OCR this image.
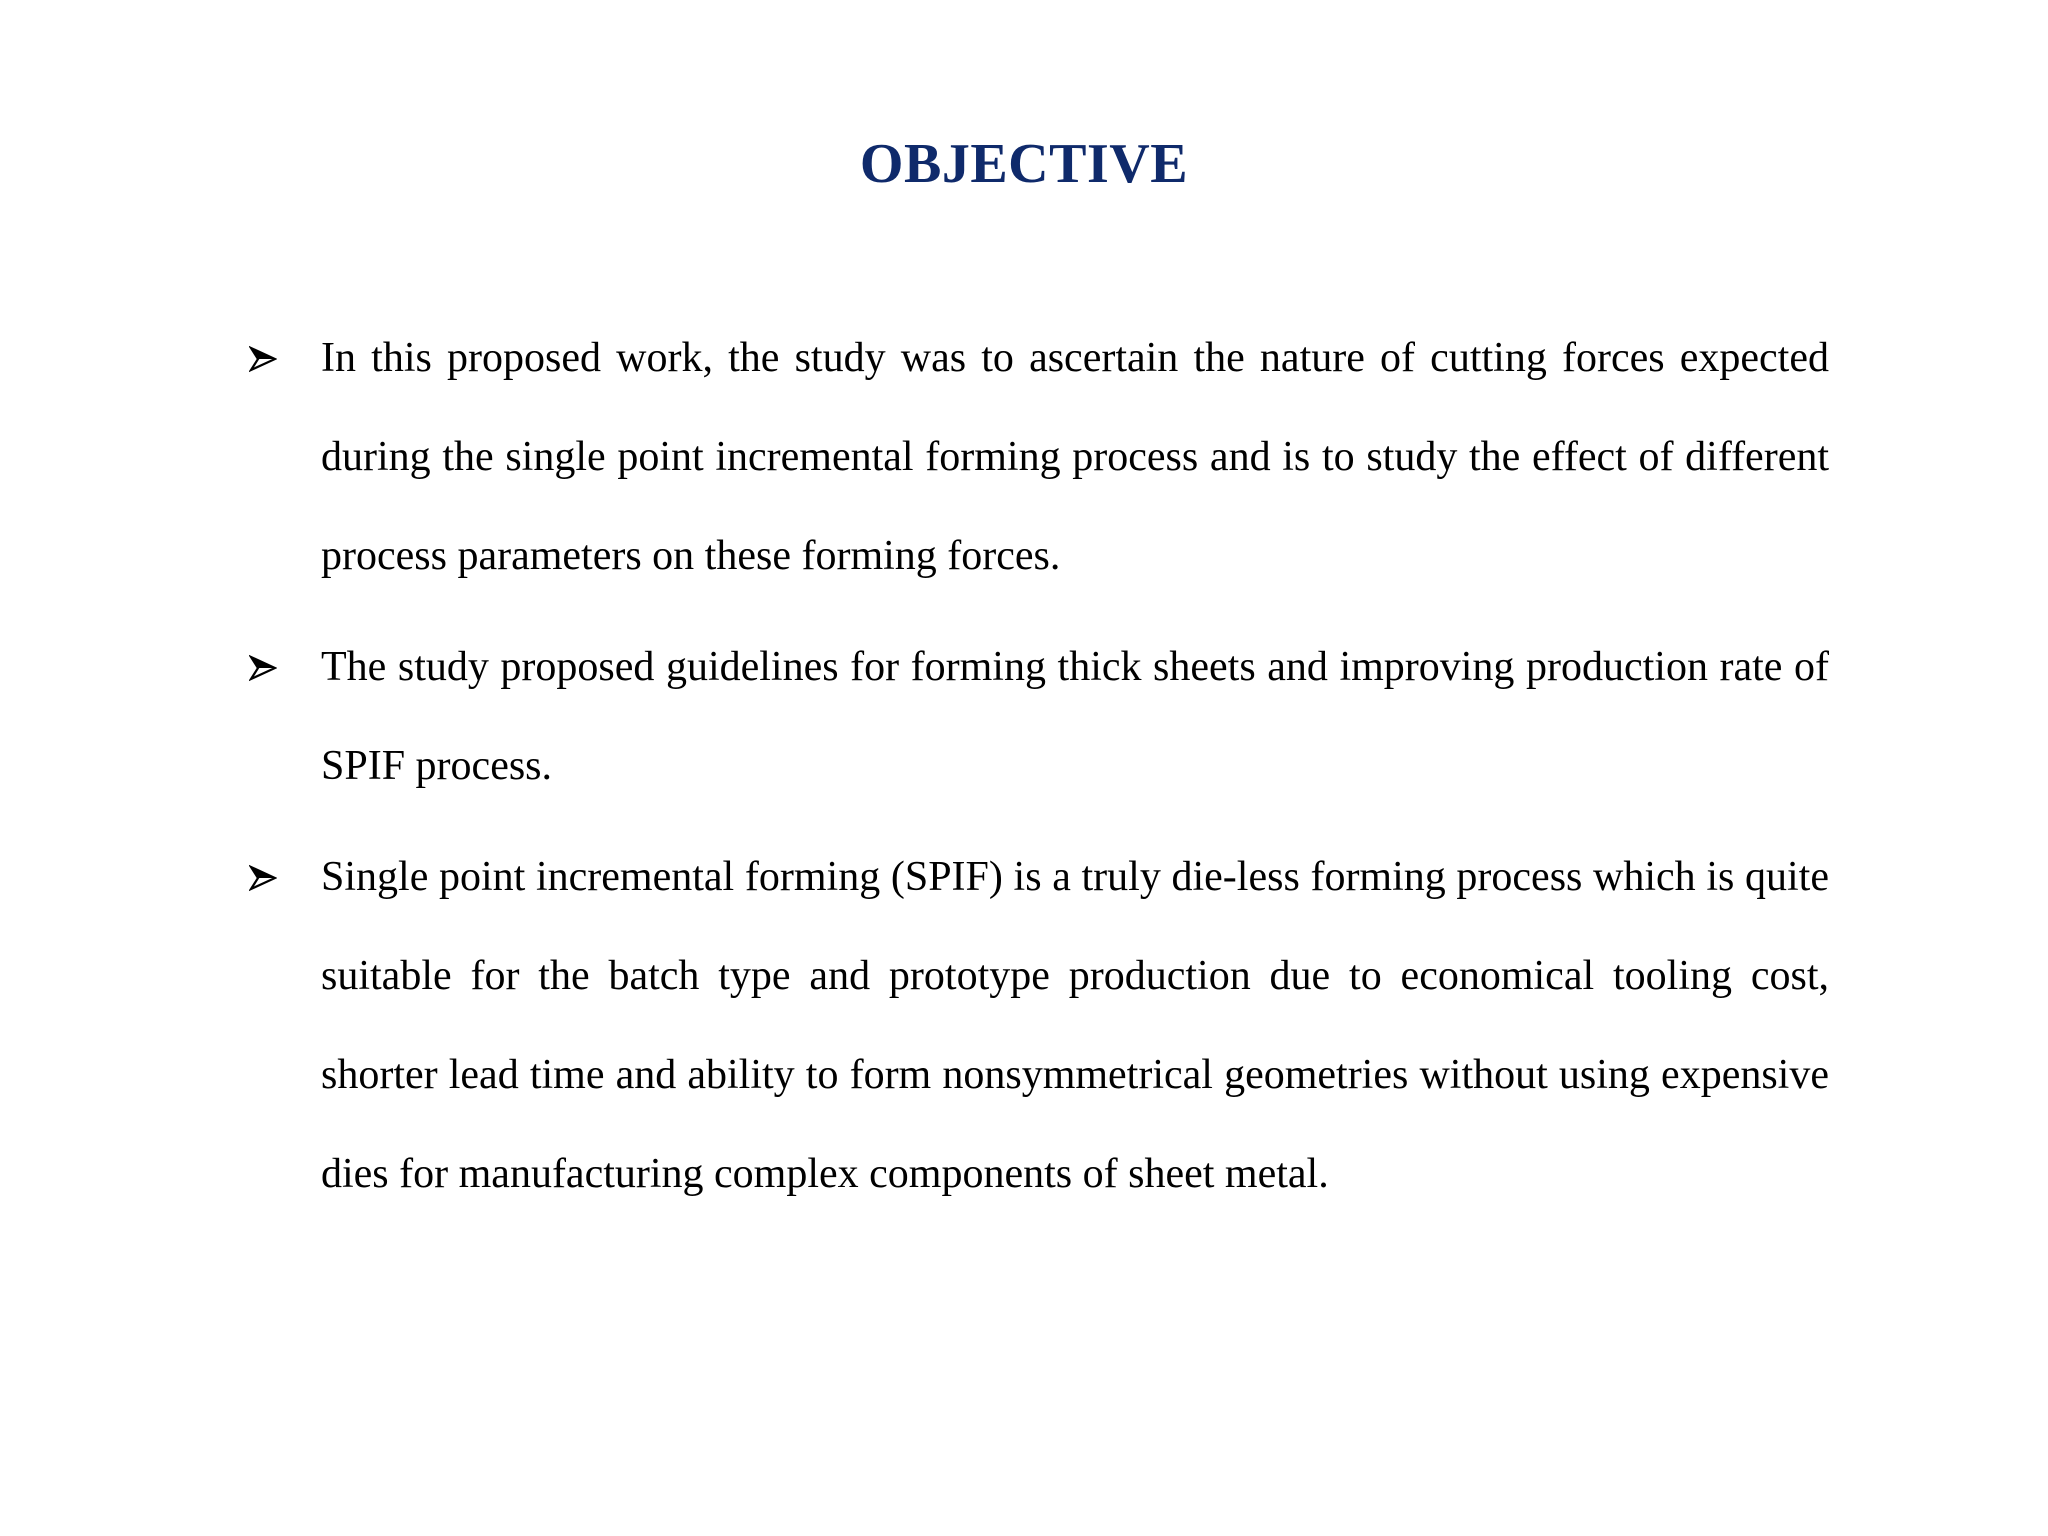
OBJECTIVE
In this proposed work, the study was to ascertain the nature of cutting forces expected during the single point incremental forming process and is to study the effect of different process parameters on these forming forces.
The study proposed guidelines for forming thick sheets and improving production rate of SPIF process.
Single point incremental forming (SPIF) is a truly die-less forming process which is quite suitable for the batch type and prototype production due to economical tooling cost, shorter lead time and ability to form nonsymmetrical geometries without using expensive dies for manufacturing complex components of sheet metal.
